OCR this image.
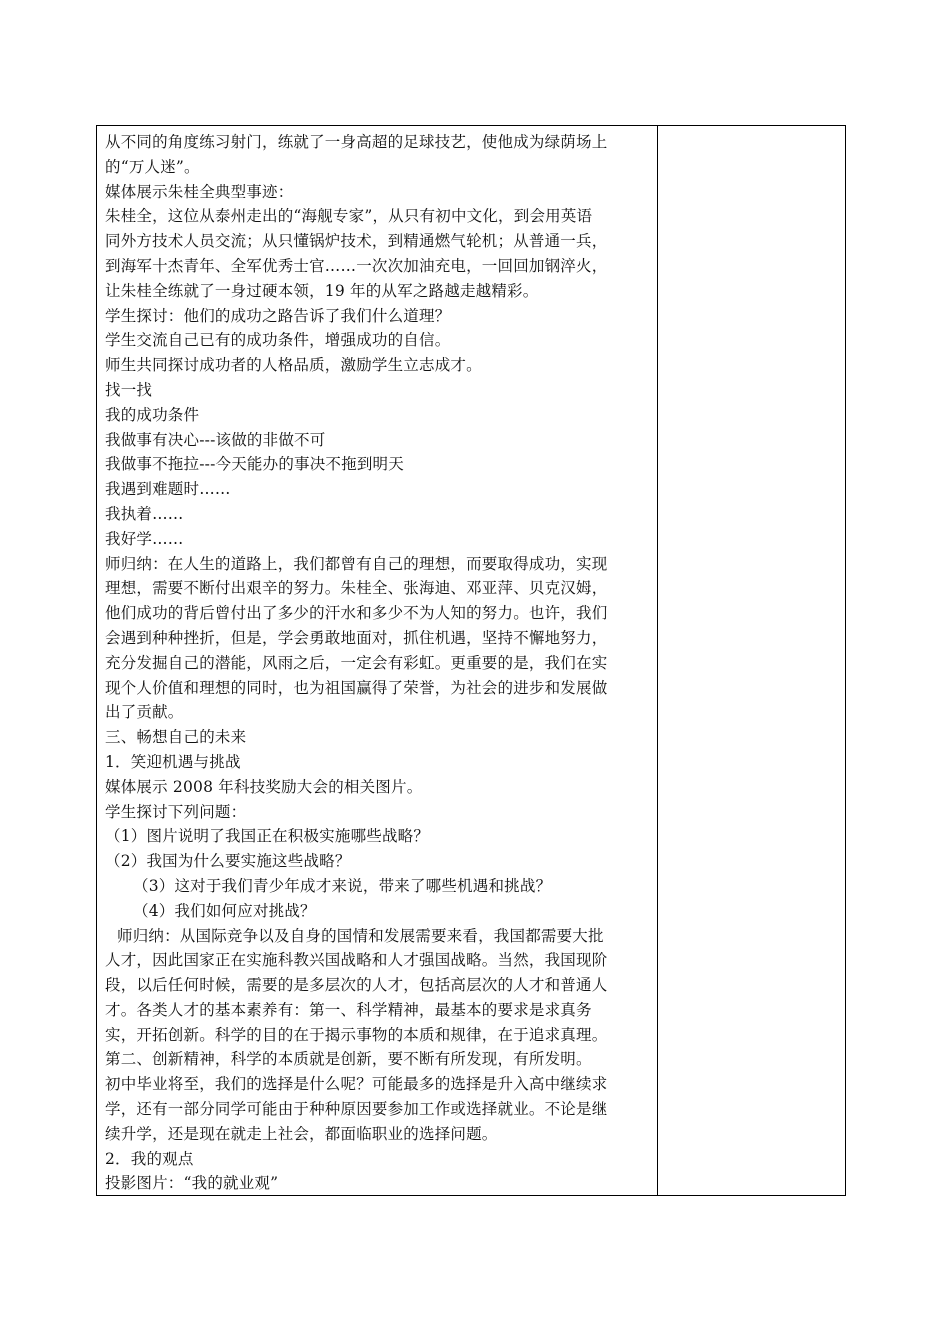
从不同的角度练习射门，练就了一身高超的足球技艺，使他成为绿荫场上
的“万人迷”。
媒体展示朱桂全典型事迹：
朱桂全，这位从泰州走出的“海舰专家”，从只有初中文化，到会用英语
同外方技术人员交流；从只懂锅炉技术，到精通燃气轮机；从普通一兵，
到海军十杰青年、全军优秀士官……一次次加油充电，一回回加钢淬火，
让朱桂全练就了一身过硬本领，19 年的从军之路越走越精彩。
学生探讨：他们的成功之路告诉了我们什么道理？
学生交流自己已有的成功条件，增强成功的自信。
师生共同探讨成功者的人格品质，激励学生立志成才。
找一找
我的成功条件
我做事有决心---该做的非做不可
我做事不拖拉---今天能办的事决不拖到明天
我遇到难题时……
我执着……
我好学……
师归纳：在人生的道路上，我们都曾有自己的理想，而要取得成功，实现
理想，需要不断付出艰辛的努力。朱桂全、张海迪、邓亚萍、贝克汉姆，
他们成功的背后曾付出了多少的汗水和多少不为人知的努力。也许，我们
会遇到种种挫折，但是，学会勇敢地面对，抓住机遇，坚持不懈地努力，
充分发掘自己的潜能，风雨之后，一定会有彩虹。更重要的是，我们在实
现个人价值和理想的同时，也为祖国赢得了荣誉，为社会的进步和发展做
出了贡献。
三、畅想自己的未来
1．笑迎机遇与挑战
媒体展示 2008 年科技奖励大会的相关图片。
学生探讨下列问题：
（1）图片说明了我国正在积极实施哪些战略？
（2）我国为什么要实施这些战略？
（3）这对于我们青少年成才来说，带来了哪些机遇和挑战？
（4）我们如何应对挑战？
师归纳：从国际竞争以及自身的国情和发展需要来看，我国都需要大批
人才，因此国家正在实施科教兴国战略和人才强国战略。当然，我国现阶
段，以后任何时候，需要的是多层次的人才，包括高层次的人才和普通人
才。各类人才的基本素养有：第一、科学精神，最基本的要求是求真务
实，开拓创新。科学的目的在于揭示事物的本质和规律，在于追求真理。
第二、创新精神，科学的本质就是创新，要不断有所发现，有所发明。
初中毕业将至，我们的选择是什么呢？可能最多的选择是升入高中继续求
学，还有一部分同学可能由于种种原因要参加工作或选择就业。不论是继
续升学，还是现在就走上社会，都面临职业的选择问题。
2．我的观点
投影图片：“我的就业观”
